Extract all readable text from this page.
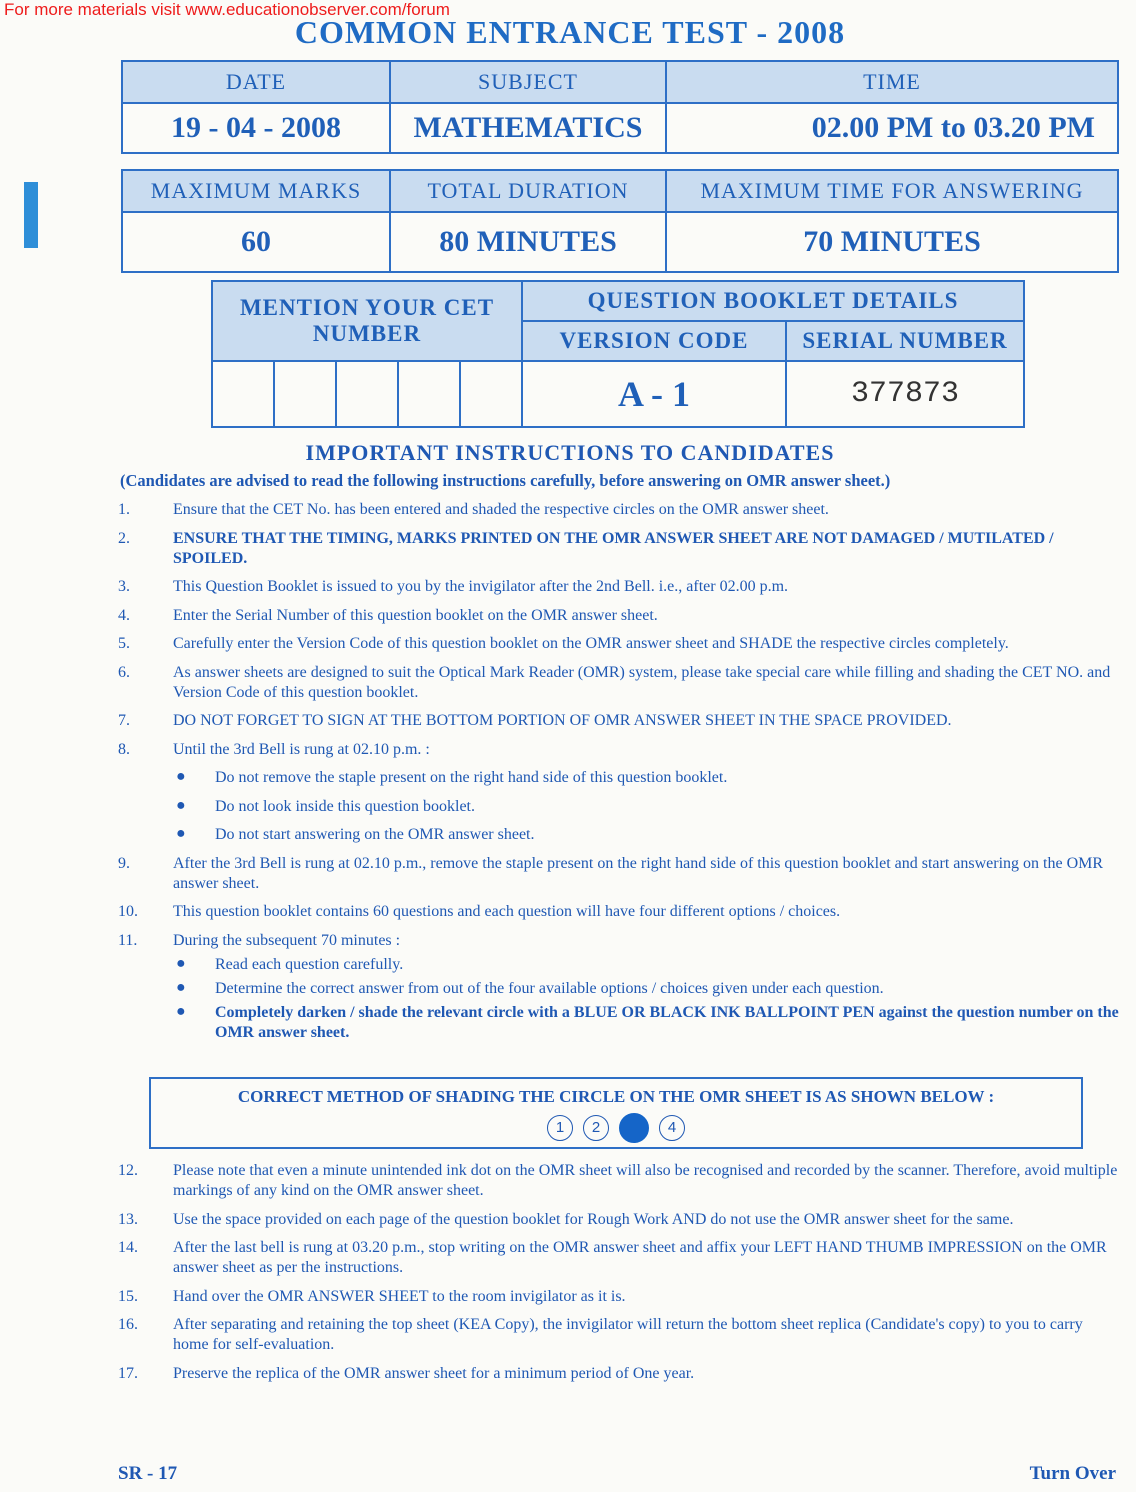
For more materials visit www.educationobserver.com/forum
COMMON ENTRANCE TEST - 2008
DATE	SUBJECT	TIME
19 - 04 - 2008	MATHEMATICS	02.00 PM to 03.20 PM
MAXIMUM MARKS	TOTAL DURATION	MAXIMUM TIME FOR ANSWERING
60	80 MINUTES	70 MINUTES
MENTION YOUR CET NUMBER					QUESTION BOOKLET DETAILS	
					VERSION CODE	SERIAL NUMBER
					A - 1	377873
IMPORTANT INSTRUCTIONS TO CANDIDATES
(Candidates are advised to read the following instructions carefully, before answering on OMR answer sheet.)
1.	Ensure that the CET No. has been entered and shaded the respective circles on the OMR answer sheet.
2.	ENSURE THAT THE TIMING, MARKS PRINTED ON THE OMR ANSWER SHEET ARE NOT DAMAGED / MUTILATED / SPOILED.
3.	This Question Booklet is issued to you by the invigilator after the 2nd Bell. i.e., after 02.00 p.m.
4.	Enter the Serial Number of this question booklet on the OMR answer sheet.
5.	Carefully enter the Version Code of this question booklet on the OMR answer sheet and SHADE the respective circles completely.
6.	As answer sheets are designed to suit the Optical Mark Reader (OMR) system, please take special care while filling and shading the CET NO. and Version Code of this question booklet.
7.	DO NOT FORGET TO SIGN AT THE BOTTOM PORTION OF OMR ANSWER SHEET IN THE SPACE PROVIDED.
8.	Until the 3rd Bell is rung at 02.10 p.m. :
● Do not remove the staple present on the right hand side of this question booklet.
● Do not look inside this question booklet.
● Do not start answering on the OMR answer sheet.
9.	After the 3rd Bell is rung at 02.10 p.m., remove the staple present on the right hand side of this question booklet and start answering on the OMR answer sheet.
10. This question booklet contains 60 questions and each question will have four different options / choices.
11. During the subsequent 70 minutes :
● Read each question carefully.
● Determine the correct answer from out of the four available options / choices given under each question.
● Completely darken / shade the relevant circle with a BLUE OR BLACK INK BALLPOINT PEN against the question number on the OMR answer sheet.
CORRECT METHOD OF SHADING THE CIRCLE ON THE OMR SHEET IS AS SHOWN BELOW :
1 2	4
12. Please note that even a minute unintended ink dot on the OMR sheet will also be recognised and recorded by the scanner. Therefore, avoid multiple markings of any kind on the OMR answer sheet.
13. Use the space provided on each page of the question booklet for Rough Work AND do not use the OMR answer sheet for the same.
14. After the last bell is rung at 03.20 p.m., stop writing on the OMR answer sheet and affix your LEFT HAND THUMB IMPRESSION on the OMR answer sheet as per the instructions.
15. Hand over the OMR ANSWER SHEET to the room invigilator as it is.
16. After separating and retaining the top sheet (KEA Copy), the invigilator will return the bottom sheet replica (Candidate's copy) to you to carry home for self-evaluation.
17. Preserve the replica of the OMR answer sheet for a minimum period of One year.
SR - 17	Turn Over
